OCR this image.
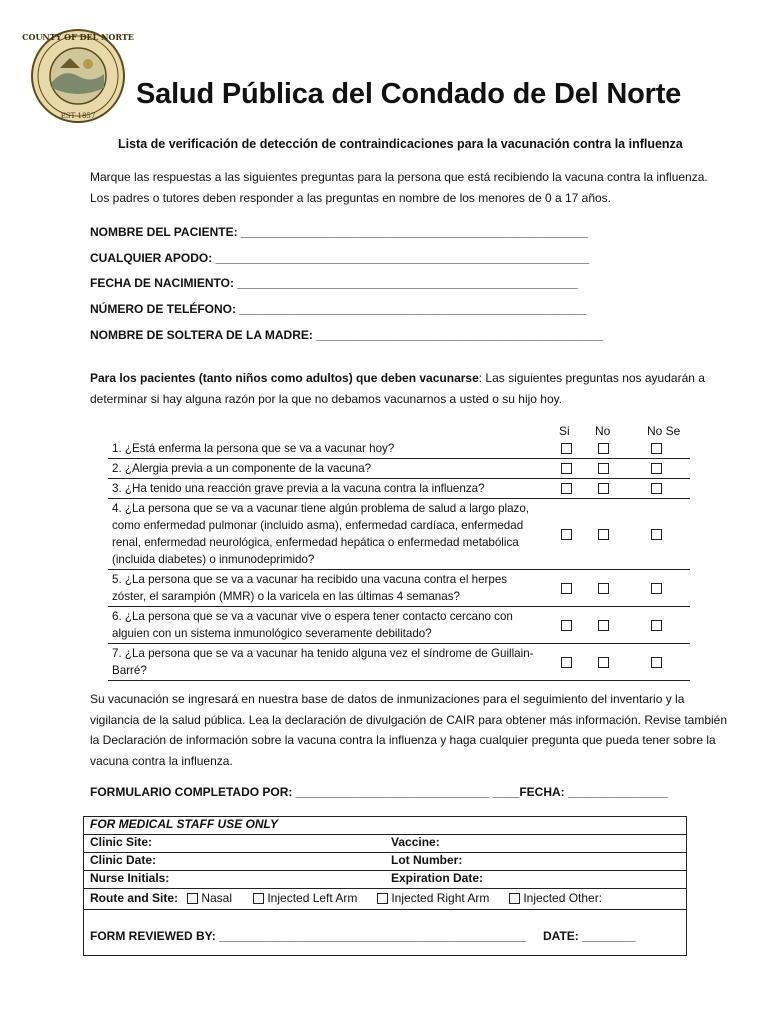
COUNTY OF DEL NORTE
EST 1857
Salud Pública del Condado de Del Norte
Lista de verificación de detección de contraindicaciones para la vacunación contra la influenza
Marque las respuestas a las siguientes preguntas para la persona que está recibiendo la vacuna contra la influenza. Los padres o tutores deben responder a las preguntas en nombre de los menores de 0 a 17 años.
NOMBRE DEL PACIENTE: ____________________________________________________
CUALQUIER APODO: ________________________________________________________
FECHA DE NACIMIENTO: ___________________________________________________
NÚMERO DE TELÉFONO: ____________________________________________________
NOMBRE DE SOLTERA DE LA MADRE: ___________________________________________
Para los pacientes (tanto niños como adultos) que deben vacunarse: Las siguientes preguntas nos ayudarán a determinar si hay alguna razón por la que no debamos vacunarnos a usted o su hijo hoy.
Si No	No Se
1. ¿Está enferma la persona que se va a vacunar hoy?			
2. ¿Alergia previa a un componente de la vacuna?			
3. ¿Ha tenido una reacción grave previa a la vacuna contra la influenza?			
4. ¿La persona que se va a vacunar tiene algún problema de salud a largo plazo, como enfermedad pulmonar (incluido asma), enfermedad cardíaca, enfermedad renal, enfermedad neurológica, enfermedad hepática o enfermedad metabólica (incluida diabetes) o inmunodeprimido?			
5. ¿La persona que se va a vacunar ha recibido una vacuna contra el herpes zóster, el sarampión (MMR) o la varicela en las últimas 4 semanas?			
6. ¿La persona que se va a vacunar vive o espera tener contacto cercano con alguien con un sistema inmunológico severamente debilitado?			
7. ¿La persona que se va a vacunar ha tenido alguna vez el síndrome de Guillain-Barré?			
Su vacunación se ingresará en nuestra base de datos de inmunizaciones para el seguimiento del inventario y la vigilancia de la salud pública. Lea la declaración de divulgación de CAIR para obtener más información. Revise también la Declaración de información sobre la vacuna contra la influenza y haga cualquier pregunta que pueda tener sobre la vacuna contra la influenza.
FORMULARIO COMPLETADO POR: _____________________________ ____FECHA: _______________
FOR MEDICAL STAFF USE ONLY
Clinic Site:	Vaccine:
Clinic Date:	Lot Number:
Nurse Initials:	Expiration Date:
Route and Site:	Nasal	Injected Left Arm	Injected Right Arm	Injected Other:
FORM REVIEWED BY: ______________________________________________ DATE: ________
